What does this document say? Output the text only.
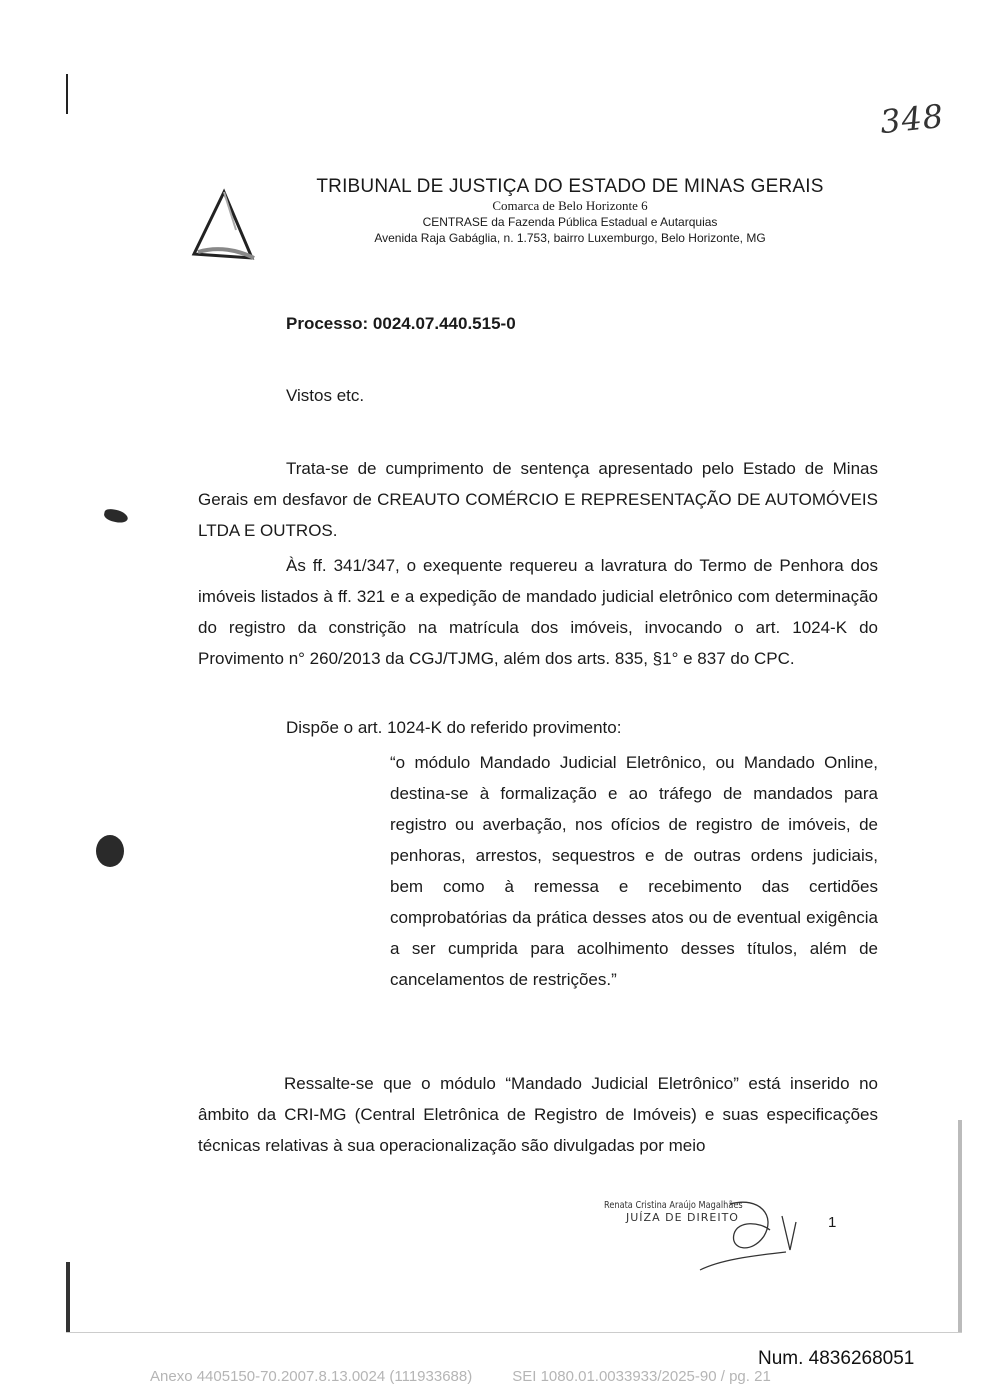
TRIBUNAL DE JUSTIÇA DO ESTADO DE MINAS GERAIS
Comarca de Belo Horizonte 6
CENTRASE da Fazenda Pública Estadual e Autarquias
Avenida Raja Gabáglia, n. 1.753, bairro Luxemburgo, Belo Horizonte, MG
348
Processo: 0024.07.440.515-0
Vistos etc.
Trata-se de cumprimento de sentença apresentado pelo Estado de Minas Gerais em desfavor de CREAUTO COMÉRCIO E REPRESENTAÇÃO DE AUTOMÓVEIS LTDA E OUTROS.
Às ff. 341/347, o exequente requereu a lavratura do Termo de Penhora dos imóveis listados à ff. 321 e a expedição de mandado judicial eletrônico com determinação do registro da constrição na matrícula dos imóveis, invocando o art. 1024-K do Provimento n° 260/2013 da CGJ/TJMG, além dos arts. 835, §1° e 837 do CPC.
Dispõe o art. 1024-K do referido provimento:
“o módulo Mandado Judicial Eletrônico, ou Mandado Online, destina-se à formalização e ao tráfego de mandados para registro ou averbação, nos ofícios de registro de imóveis, de penhoras, arrestos, sequestros e de outras ordens judiciais, bem como à remessa e recebimento das certidões comprobatórias da prática desses atos ou de eventual exigência a ser cumprida para acolhimento desses títulos, além de cancelamentos de restrições.”
Ressalte-se que o módulo “Mandado Judicial Eletrônico” está inserido no âmbito da CRI-MG (Central Eletrônica de Registro de Imóveis) e suas especificações técnicas relativas à sua operacionalização são divulgadas por meio
Renata Cristina Araújo Magalhães
JUÍZA DE DIREITO	1
Num. 4836268051
Anexo 4405150-70.2007.8.13.0024 (111933688)	SEI 1080.01.0033933/2025-90 / pg. 21
